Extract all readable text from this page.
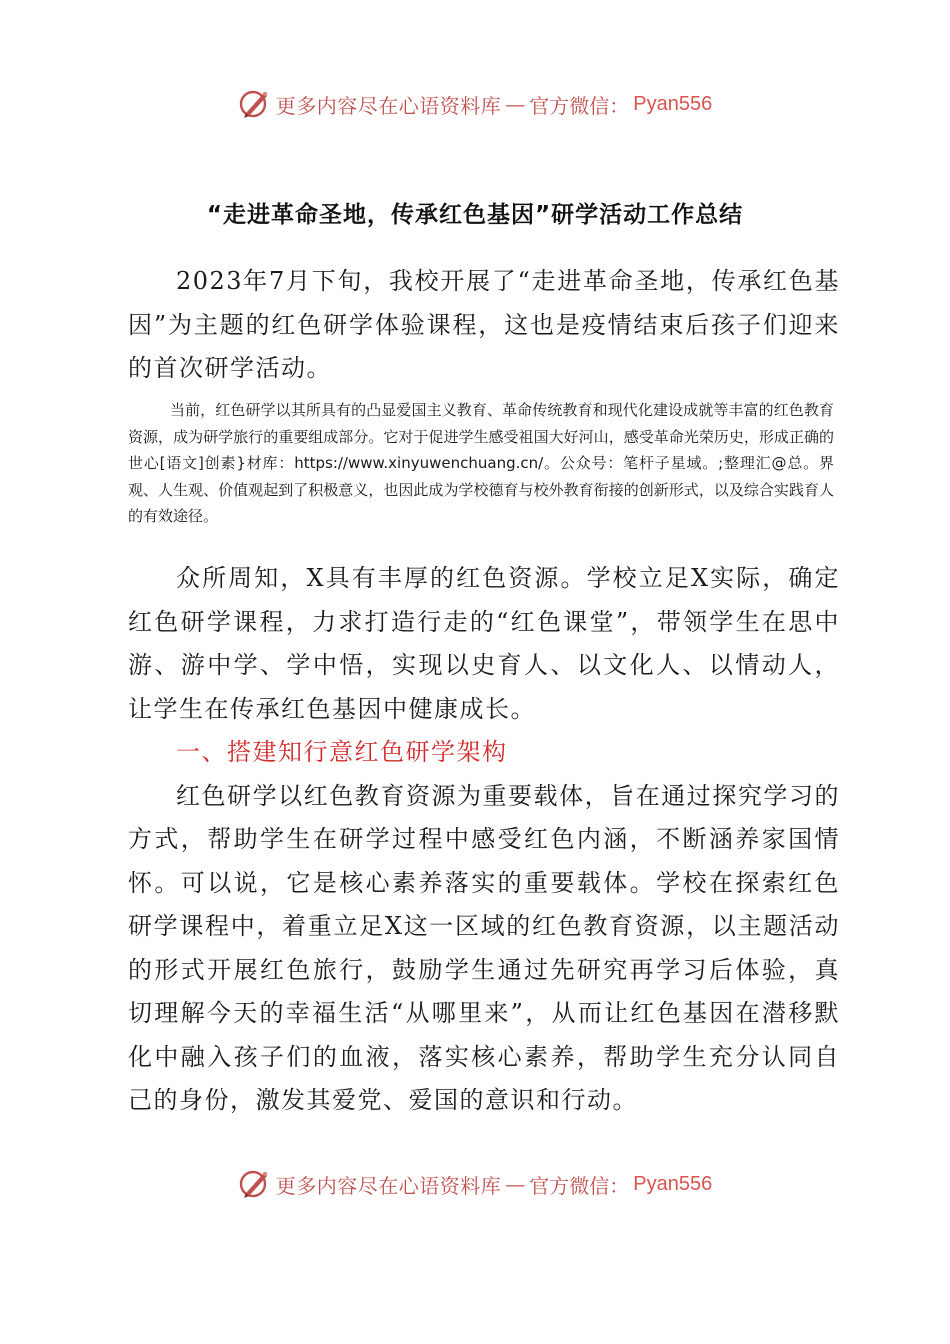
更多内容尽在心语资料库 — 官方微信： Pyan556
“走进革命圣地，传承红色基因”研学活动工作总结

2023年7月下旬，我校开展了“走进革命圣地，传承红色基因”为主题的红色研学体验课程，这也是疫情结束后孩子们迎来的首次研学活动。

当前，红色研学以其所具有的凸显爱国主义教育、革命传统教育和现代化建设成就等丰富的红色教育资源，成为研学旅行的重要组成部分。它对于促进学生感受祖国大好河山，感受革命光荣历史，形成正确的世心[语文]创素}材库：https://www.xinyuwenchuang.cn/。公众号：笔杆子星域。;整理汇@总。界观、人生观、价值观起到了积极意义，也因此成为学校德育与校外教育衔接的创新形式，以及综合实践育人的有效途径。

众所周知，X具有丰厚的红色资源。学校立足X实际，确定红色研学课程，力求打造行走的“红色课堂”，带领学生在思中游、游中学、学中悟，实现以史育人、以文化人、以情动人，让学生在传承红色基因中健康成长。

一、搭建知行意红色研学架构

红色研学以红色教育资源为重要载体，旨在通过探究学习的方式，帮助学生在研学过程中感受红色内涵，不断涵养家国情怀。可以说，它是核心素养落实的重要载体。学校在探索红色研学课程中，着重立足X这一区域的红色教育资源，以主题活动的形式开展红色旅行，鼓励学生通过先研究再学习后体验，真切理解今天的幸福生活“从哪里来”，从而让红色基因在潜移默化中融入孩子们的血液，落实核心素养，帮助学生充分认同自己的身份，激发其爱党、爱国的意识和行动。

更多内容尽在心语资料库 — 官方微信： Pyan556
